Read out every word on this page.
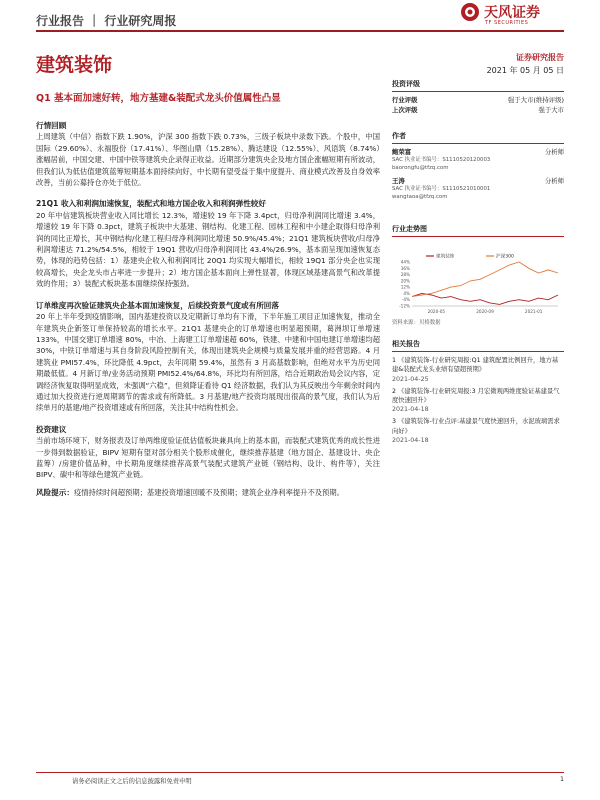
行业报告 ｜ 行业研究周报	天风证券
TF SECURITIES
建筑装饰	证券研究报告
2021 年 05 月 05 日
Q1 基本面加速好转，地方基建&装配式龙头价值属性凸显
行情回顾
上周建筑（中信）指数下跌 1.90%，沪深 300 指数下跌 0.73%，三级子板块中录数下跌。个股中，中国国际（29.60%）、永福股份（17.41%）、华图山鼎（15.28%）、腾达建设（12.55%）、风语筑（8.74%）涨幅居前，中国交建、中国中铁等建筑央企录得正收益。近期部分建筑央企及地方国企涨幅短期有所波动，但我们认为低估值建筑蓝筹短期基本面持续向好，中长期有望受益于集中度提升、商业模式改善及自身效率改善，当前公募持仓亦处于低位。
21Q1 收入和利润加速恢复，装配式和地方国企收入和利润弹性较好
20 年中信建筑板块营业收入同比增长 12.3%，增速较 19 年下降 3.4pct，归母净利润同比增速 3.4%，增速较 19 年下降 0.3pct，建筑子板块中大基建、钢结构、化建工程、园林工程和中小建企取得归母净利润的同比正增长，其中钢结构/化建工程归母净利润同比增速 50.9%/45.4%；21Q1 建筑板块营收/归母净利润增速达 71.2%/54.5%，相较于 19Q1 营收/归母净利润同比 43.4%/26.9%，基本面呈现加速恢复态势，体现的趋势包括：1）基建央企收入和利润同比 20Q1 均实现大幅增长，相较 19Q1 部分央企也实现较高增长，央企龙头市占率进一步提升；2）地方国企基本面向上弹性显著，体现区域基建高景气和改革提效的作用；3）装配式板块基本面继续保持强劲。
订单维度再次验证建筑央企基本面加速恢复，后续投资景气度或有所回落
20 年上半年受到疫情影响，国内基建投资以及定期新订单均有下滑，下半年施工项目正加速恢复，推动全年建筑央企新签订单保持较高的增长水平。21Q1 基建央企的订单增速也明显超预期，葛洲坝订单增速 133%，中国交建订单增速 80%，中冶、上海建工订单增速超 60%，铁建、中建和中国电建订单增速均超 30%，中铁订单增速与其自身阶段风险控制有关，体现出建筑央企规模与质量发展并重的经营思路。4 月建筑业 PMI57.4%，环比降低 4.9pct，去年同期 59.4%，虽然有 3 月高基数影响，但绝对水平为历史同期最低值。4 月新订单/业务活动预期 PMI52.4%/64.8%，环比均有所回落，结合近期政治局会议内容，定调经济恢复取得明显成效，未强调“六稳”，但须降证看待 Q1 经济数据，我们认为其反映出今年剩余时间内通过加大投资进行逆周期调节的需求或有所降低。3 月基建/地产投资均展现出很高的景气度，我们认为后续单月的基建/地产投资增速或有所回落，关注其中结构性机会。
投资建议
当前市场环境下，财务报表及订单两维度验证低估值板块兼具向上的基本面，而装配式建筑优秀的成长性进一步得到数据验证，BIPV 短期有望对部分相关个股形成催化，继续推荐基建（地方国企、基建设计、央企蓝筹）/房建价值品种，中长期角度继续推荐高景气装配式建筑产业链（钢结构、设计、构件等），关注 BIPV、碳中和等绿色建筑产业链。
风险提示：疫情持续时间超预期；基建投资增速回暖不及预期；建筑企业净利率提升不及预期。
投资评级
行业评级	强于大市(维持评级)
上次评级	强于大市
作者
鲍荣富	分析师
SAC 执业证书编号：S1110520120003
baorongfu@tfzq.com
王涛	分析师
SAC 执业证书编号：S1110521010001
wangtaoa@tfzq.com
行业走势图
44%
36%
28%
20%
12%
4%
-4%
-12%
2020-05	2020-09	2021-01
建筑装饰	沪深300
资料来源：贝格数据
相关报告
1 《建筑装饰-行业研究周报:Q1 建筑配置比例回升，地方基建&装配式龙头业绩有望超预期》
2021-04-25
2 《建筑装饰-行业研究周报:3 月宏微观两维度验证基建景气度快速回升》
2021-04-18
3 《建筑装饰-行业点评:基建景气度快速回升，水泥玻璃需求向好》
2021-04-18
请务必阅读正文之后的信息披露和免责申明	1
